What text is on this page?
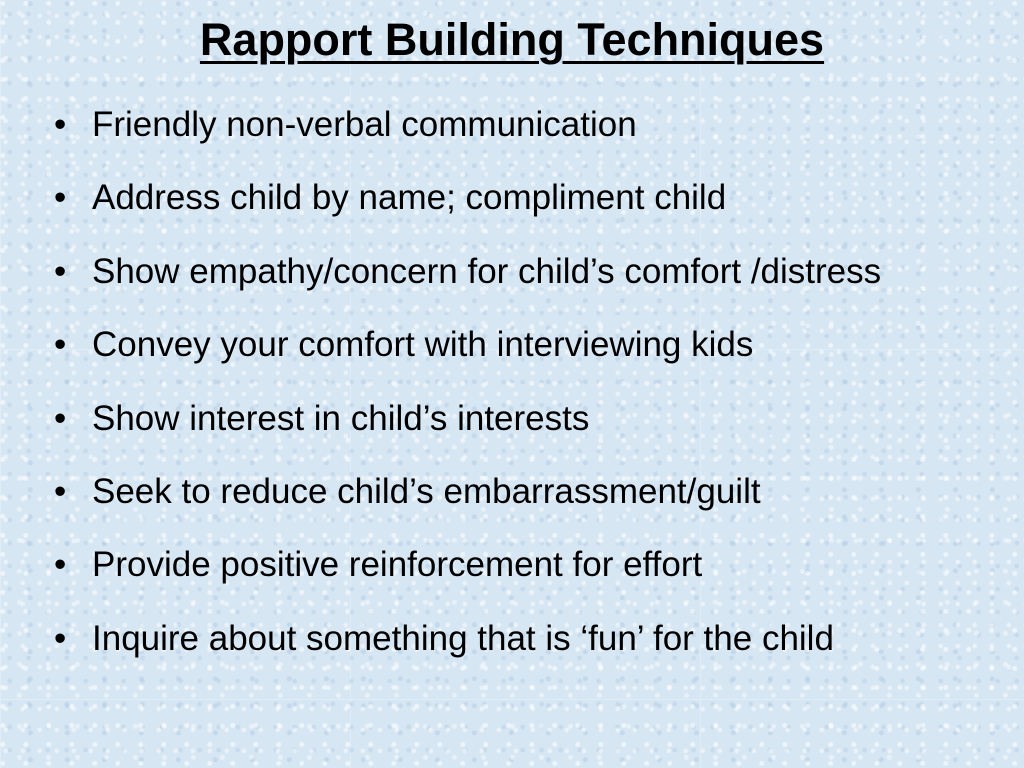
Rapport Building Techniques
• Friendly non-verbal communication
• Address child by name; compliment child
• Show empathy/concern for child’s comfort /distress
• Convey your comfort with interviewing kids
• Show interest in child’s interests
• Seek to reduce child’s embarrassment/guilt
• Provide positive reinforcement for effort
• Inquire about something that is ‘fun’ for the child
